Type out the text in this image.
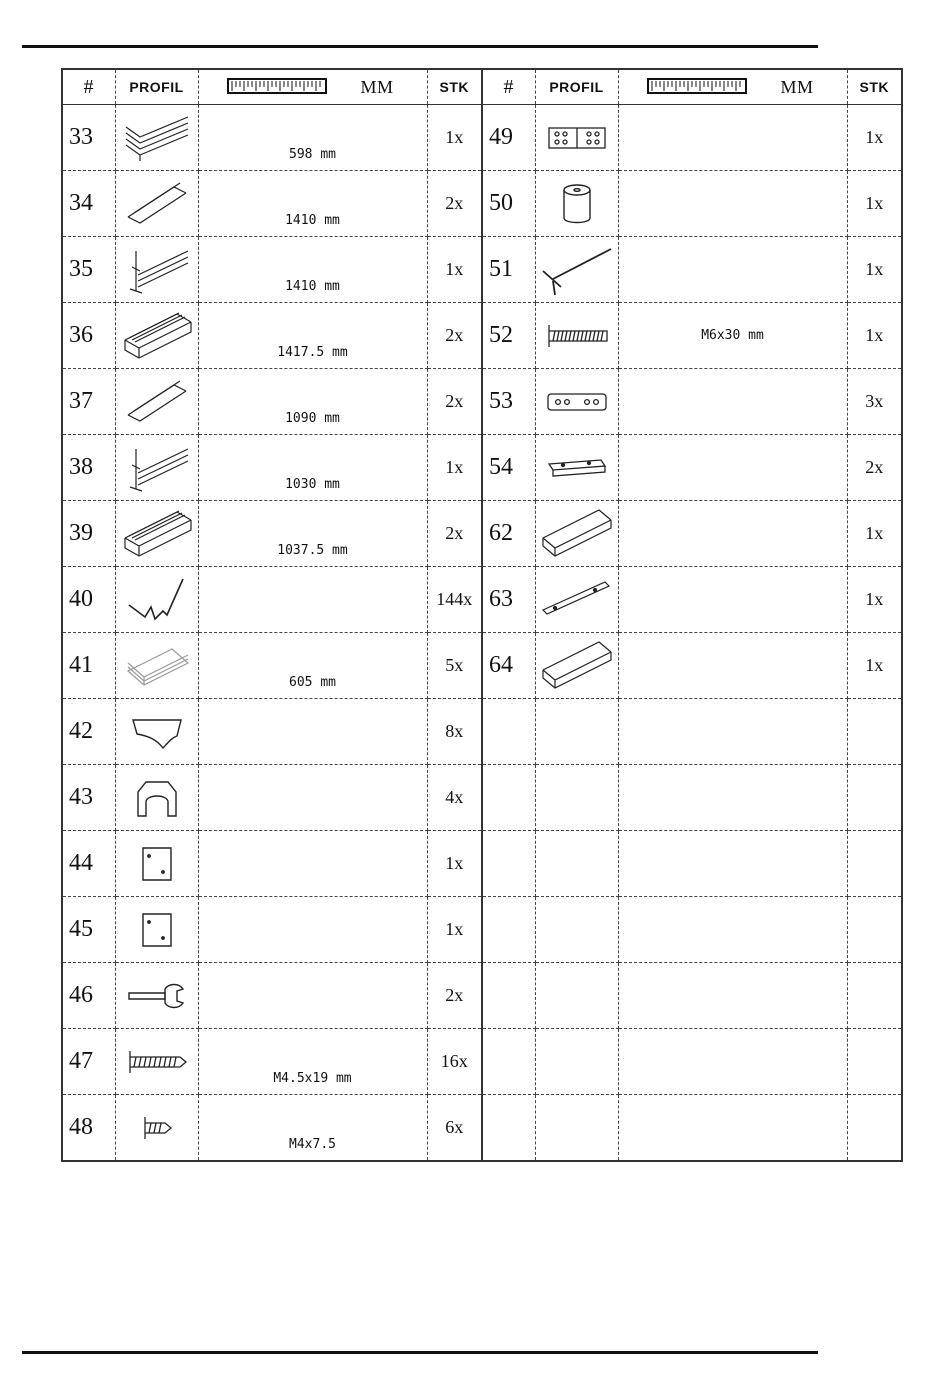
#	PROFIL	MM	STK	#	PROFIL	MM	STK
33		598 mm	1x	49			1x
34		1410 mm	2x	50			1x
35		1410 mm	1x	51			1x
36		1417.5 mm	2x	52		M6x30 mm	1x
37		1090 mm	2x	53			3x
38		1030 mm	1x	54			2x
39		1037.5 mm	2x	62			1x
40			144x	63			1x
41		605 mm	5x	64			1x
42			8x				
43			4x				
44			1x				
45			1x				
46			2x				
47		M4.5x19 mm	16x				
48		M4x7.5	6x				
